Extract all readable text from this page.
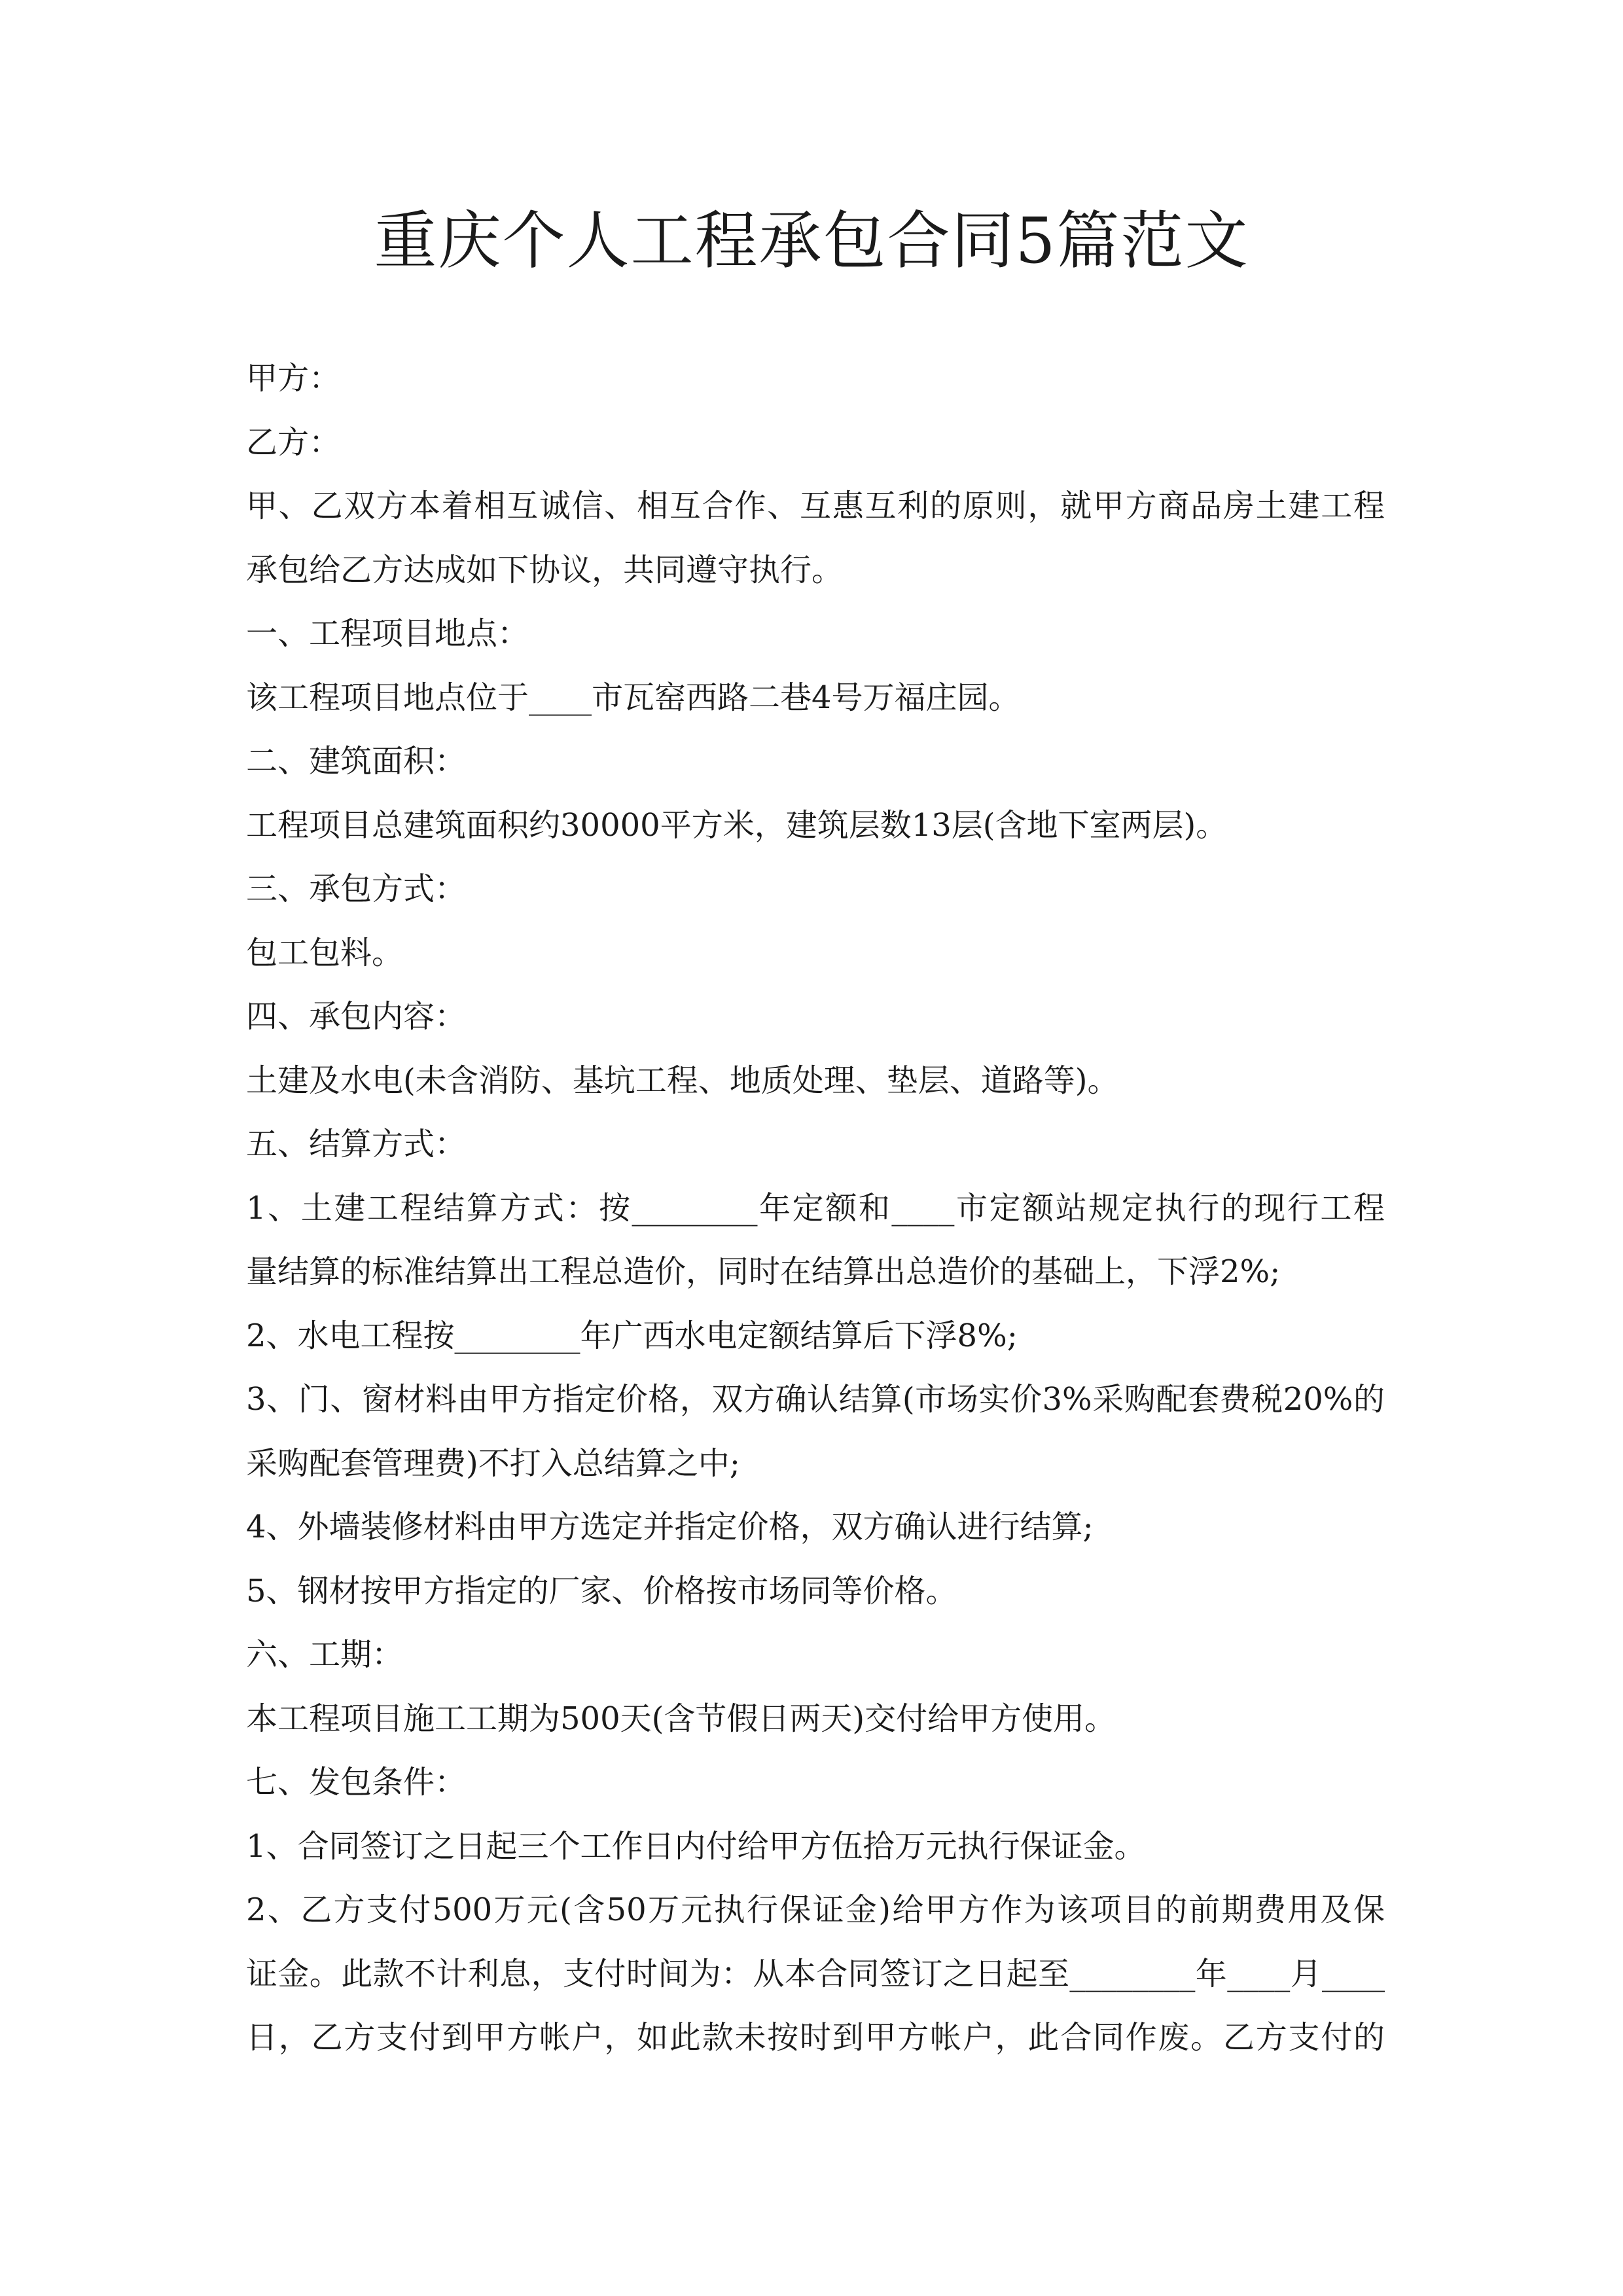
重庆个人工程承包合同5篇范文

甲方：

乙方：

甲、乙双方本着相互诚信、相互合作、互惠互利的原则，就甲方商品房土建工程

承包给乙方达成如下协议，共同遵守执行。

一、工程项目地点：

该工程项目地点位于____市瓦窑西路二巷4号万福庄园。

二、建筑面积：

工程项目总建筑面积约30000平方米，建筑层数13层(含地下室两层)。

三、承包方式：

包工包料。

四、承包内容：

土建及水电(未含消防、基坑工程、地质处理、垫层、道路等)。

五、结算方式：

1、土建工程结算方式：按________年定额和____市定额站规定执行的现行工程

量结算的标准结算出工程总造价，同时在结算出总造价的基础上，下浮2%;

2、水电工程按________年广西水电定额结算后下浮8%;

3、门、窗材料由甲方指定价格，双方确认结算(市场实价3%采购配套费税20%的

采购配套管理费)不打入总结算之中;

4、外墙装修材料由甲方选定并指定价格，双方确认进行结算;

5、钢材按甲方指定的厂家、价格按市场同等价格。

六、工期：

本工程项目施工工期为500天(含节假日两天)交付给甲方使用。

七、发包条件：

1、合同签订之日起三个工作日内付给甲方伍拾万元执行保证金。

2、乙方支付500万元(含50万元执行保证金)给甲方作为该项目的前期费用及保

证金。此款不计利息，支付时间为：从本合同签订之日起至________年____月____

日，乙方支付到甲方帐户，如此款未按时到甲方帐户，此合同作废。乙方支付的
